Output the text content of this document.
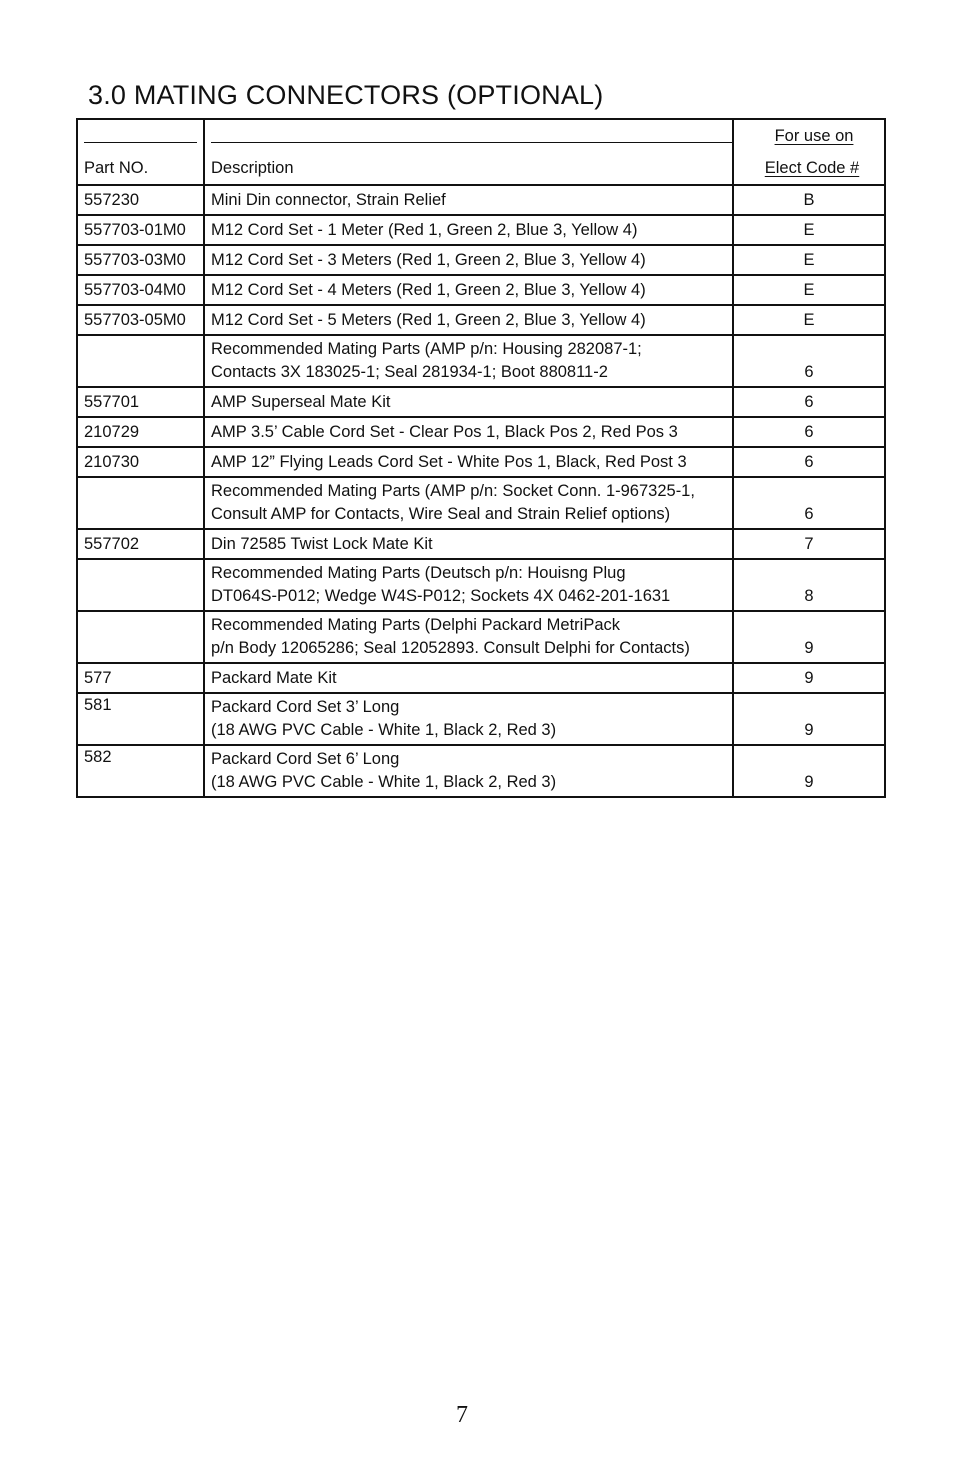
3.0 MATING CONNECTORS (OPTIONAL)
Part NO.	Description	For use on
Elect Code #

557230	Mini Din connector, Strain Relief	B
557703-01M0	M12 Cord Set - 1 Meter (Red 1, Green 2, Blue 3, Yellow 4)	E
557703-03M0	M12 Cord Set - 3 Meters (Red 1, Green 2, Blue 3, Yellow 4)	E
557703-04M0	M12 Cord Set - 4 Meters (Red 1, Green 2, Blue 3, Yellow 4)	E
557703-05M0	M12 Cord Set - 5 Meters (Red 1, Green 2, Blue 3, Yellow 4)	E

	Recommended Mating Parts (AMP p/n: Housing 282087-1;
Contacts 3X 183025-1; Seal 281934-1; Boot 880811-2	6
557701	AMP Superseal Mate Kit	6
210729	AMP 3.5’ Cable Cord Set - Clear Pos 1, Black Pos 2, Red Pos 3	6
210730	AMP 12” Flying Leads Cord Set - White Pos 1, Black, Red Post 3	6

	Recommended Mating Parts (AMP p/n: Socket Conn. 1-967325-1,
Consult AMP for Contacts, Wire Seal and Strain Relief options)	6
557702	Din 72585 Twist Lock Mate Kit	7

	Recommended Mating Parts (Deutsch p/n: Houisng Plug
DT064S-P012; Wedge W4S-P012; Sockets 4X 0462-201-1631	8

	Recommended Mating Parts (Delphi Packard MetriPack
p/n Body 12065286; Seal 12052893. Consult Delphi for Contacts)	9
577	Packard Mate Kit	9
581	Packard Cord Set 3’ Long
(18 AWG PVC Cable - White 1, Black 2, Red 3)	9
582	Packard Cord Set 6’ Long
(18 AWG PVC Cable - White 1, Black 2, Red 3)	9
7
